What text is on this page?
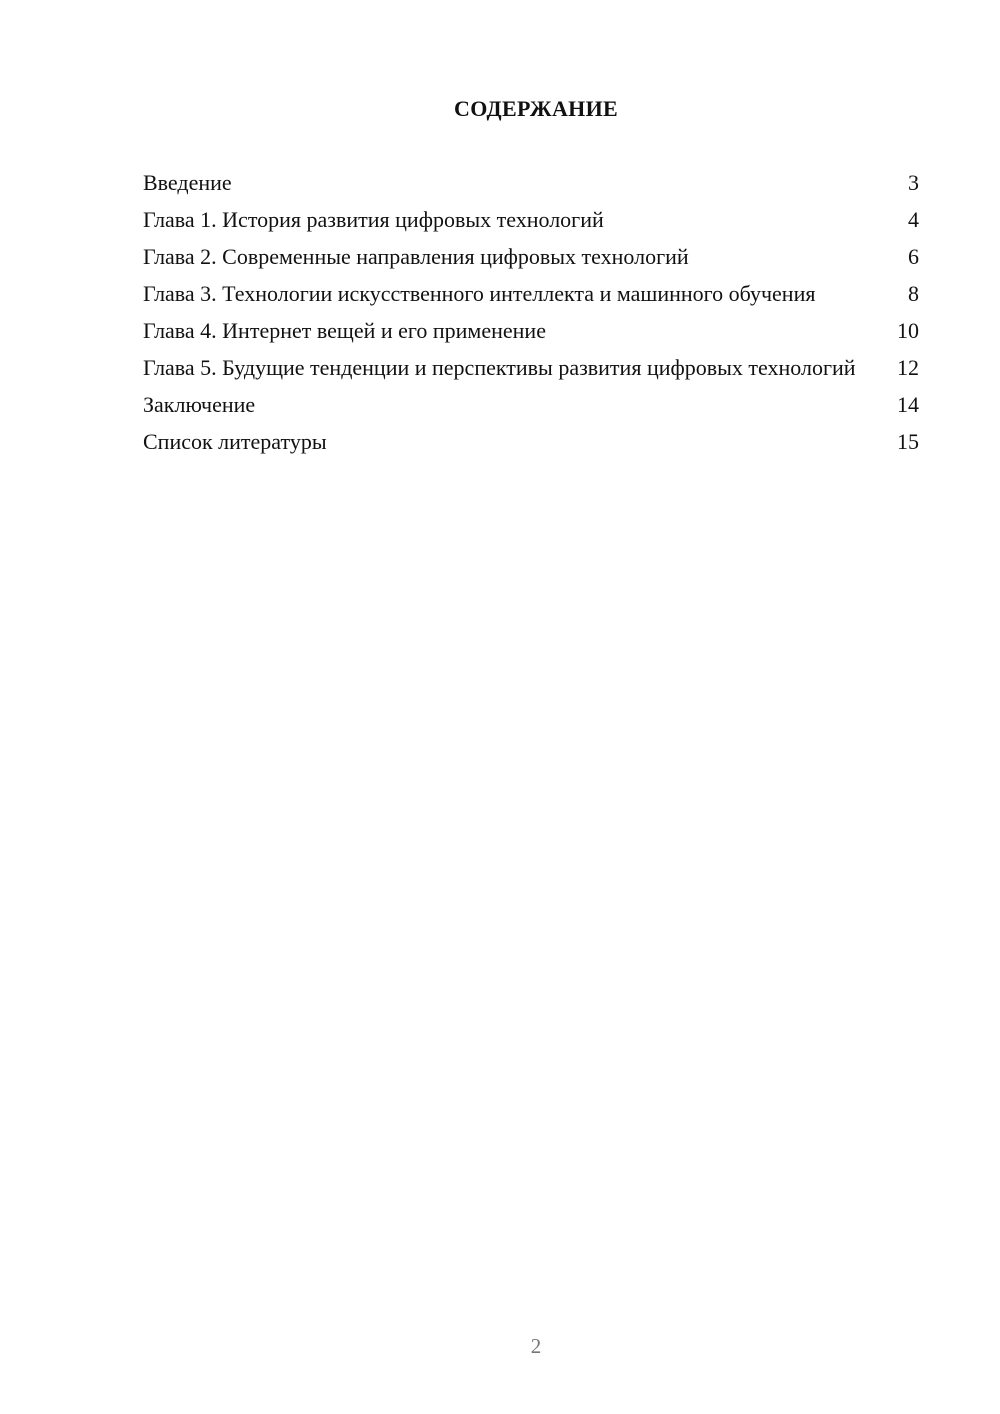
СОДЕРЖАНИЕ
Введение	3
Глава 1. История развития цифровых технологий	4
Глава 2. Современные направления цифровых технологий	6
Глава 3. Технологии искусственного интеллекта и машинного обучения	8
Глава 4. Интернет вещей и его применение	10
Глава 5. Будущие тенденции и перспективы развития цифровых технологий	12
Заключение	14
Список литературы	15
2
